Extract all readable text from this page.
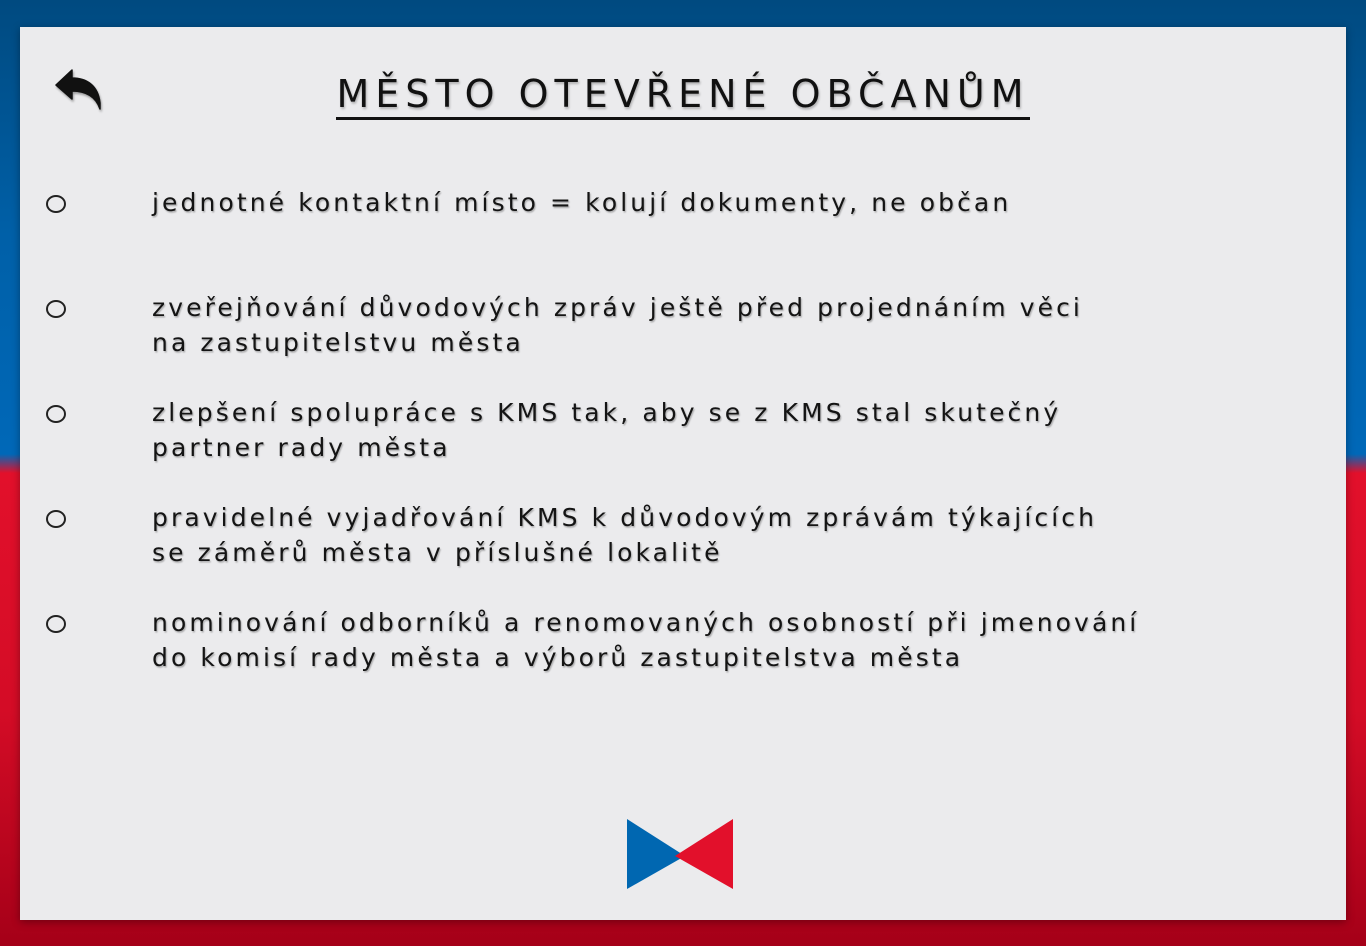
MĚSTO OTEVŘENÉ OBČANŮM
jednotné kontaktní místo = kolují dokumenty, ne občan
zveřejňování důvodových zpráv ještě před projednáním věci
na zastupitelstvu města
zlepšení spolupráce s KMS tak, aby se z KMS stal skutečný
partner rady města
pravidelné vyjadřování KMS k důvodovým zprávám týkajících
se záměrů města v příslušné lokalitě
nominování odborníků a renomovaných osobností při jmenování
do komisí rady města a výborů zastupitelstva města
